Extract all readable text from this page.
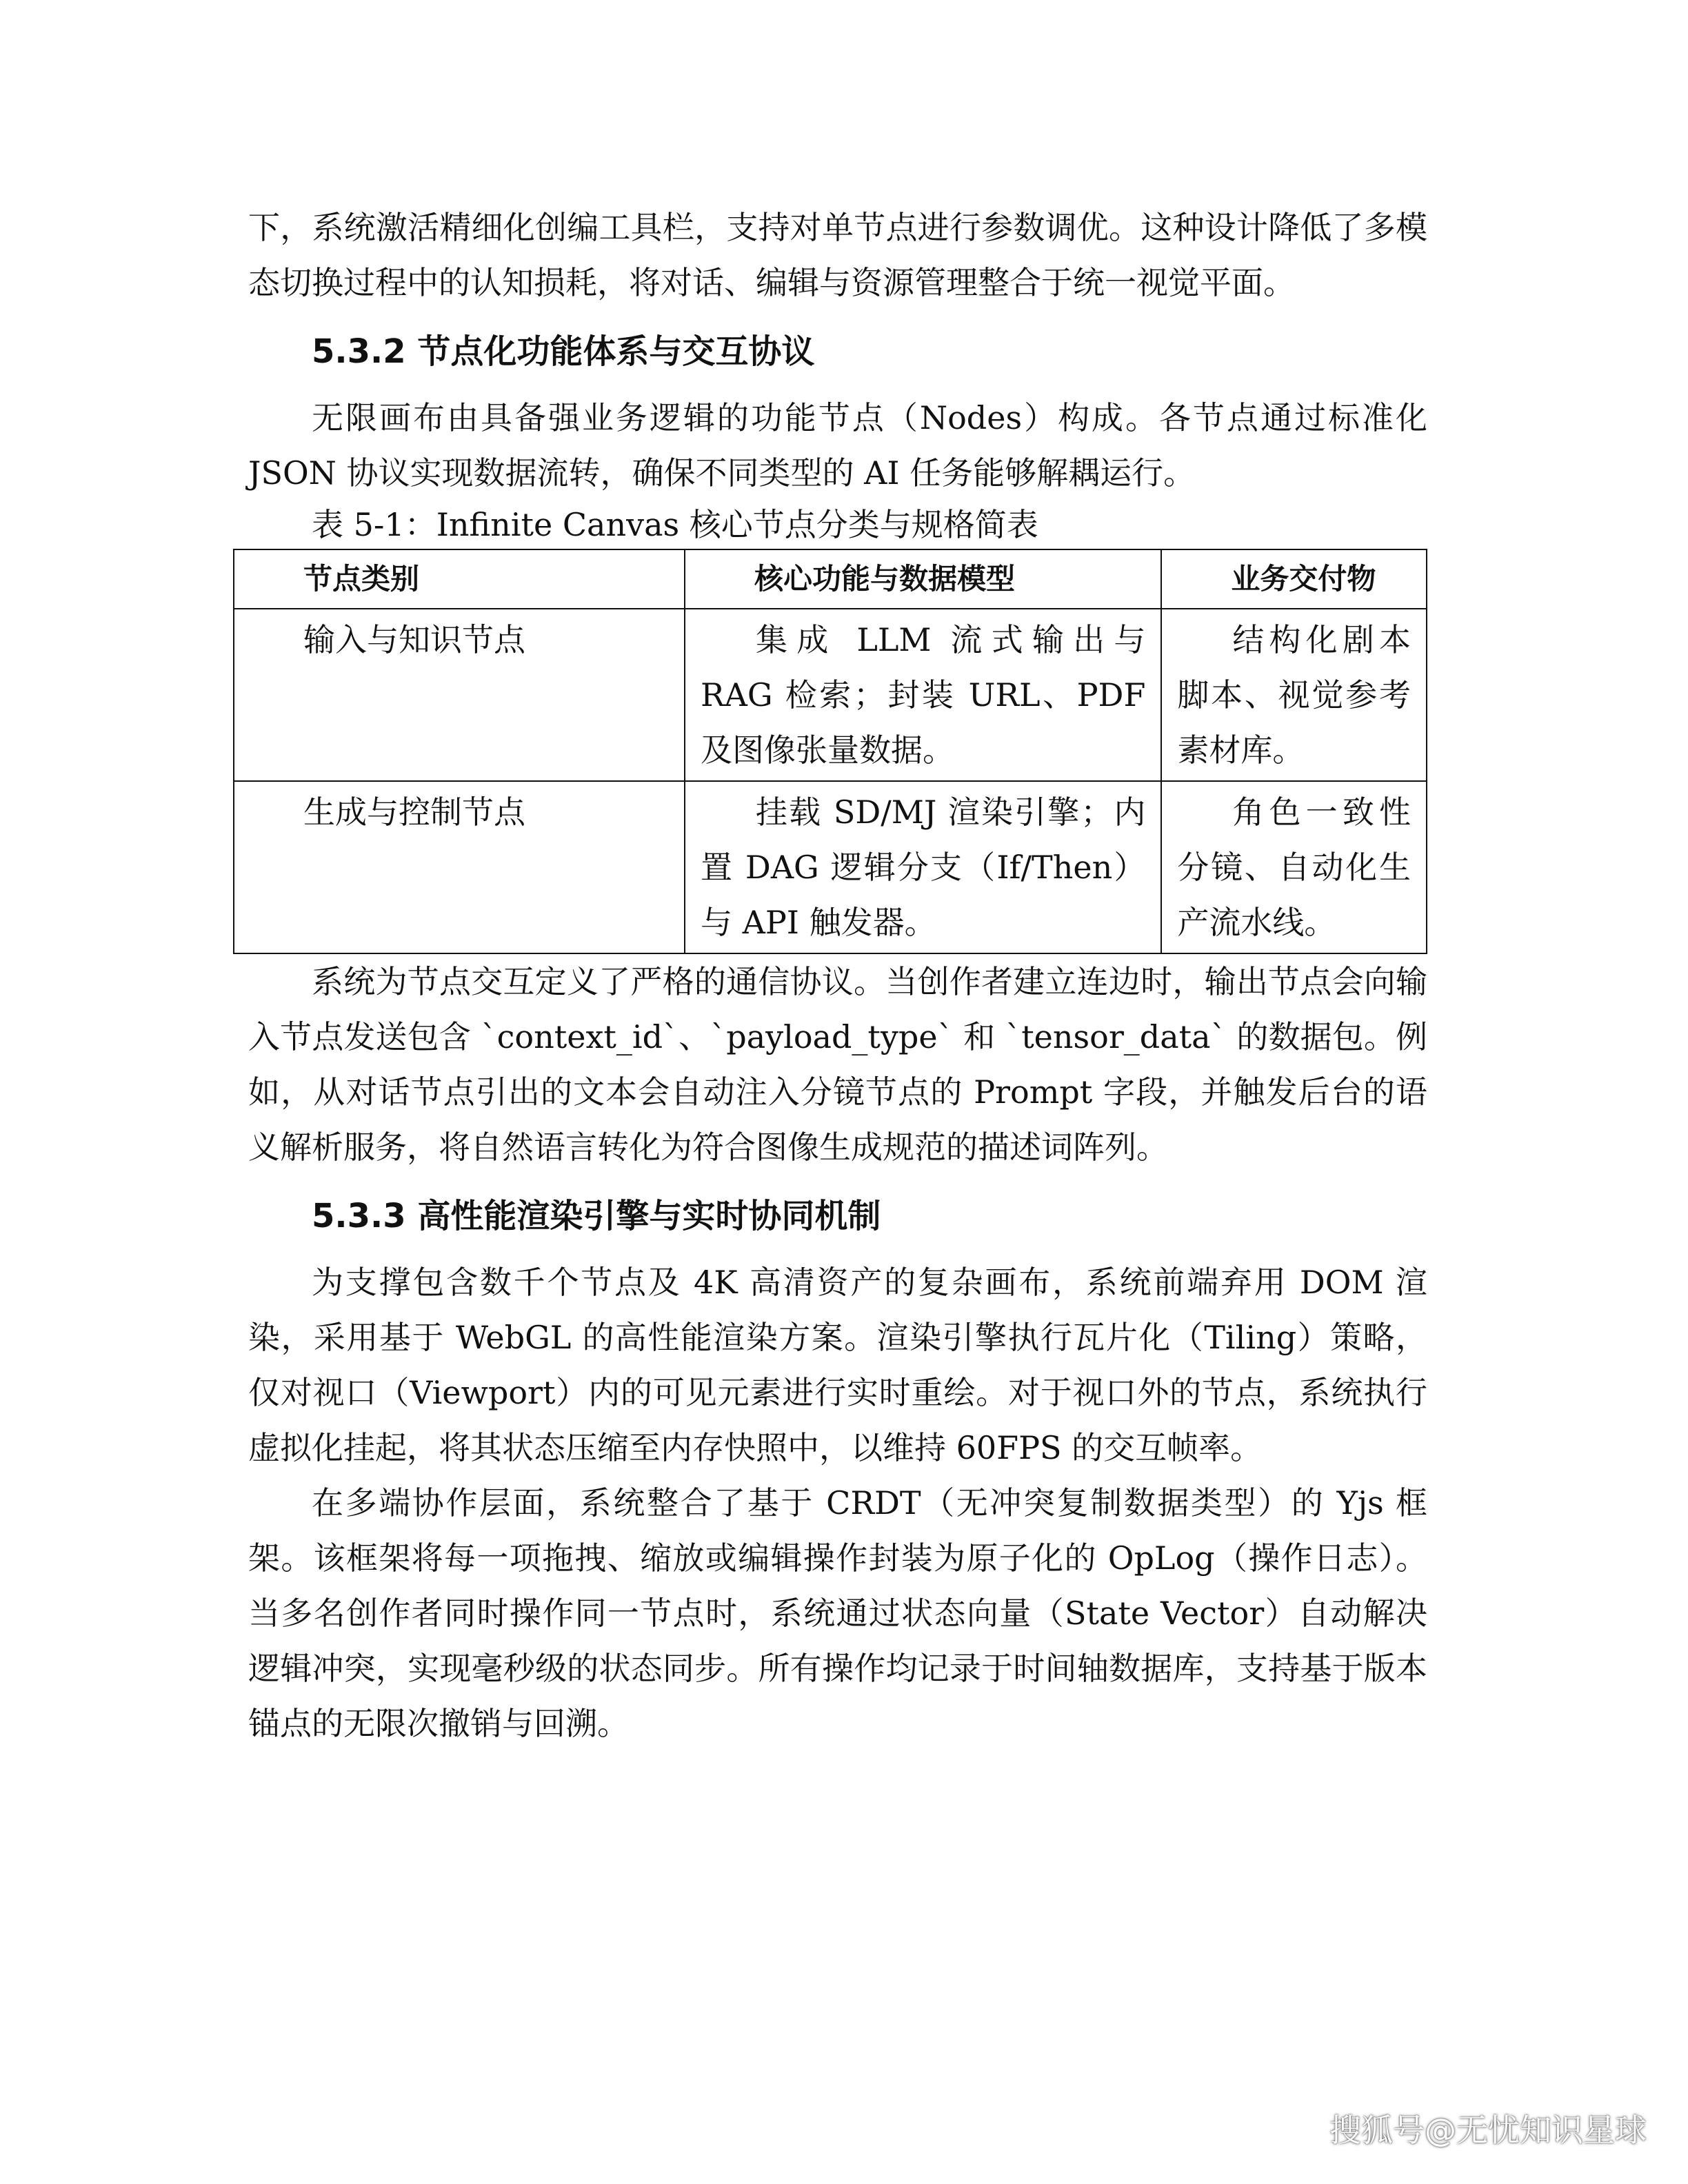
下，系统激活精细化创编工具栏，支持对单节点进行参数调优。这种设计降低了多模态切换过程中的认知损耗，将对话、编辑与资源管理整合于统一视觉平面。

5.3.2 节点化功能体系与交互协议

无限画布由具备强业务逻辑的功能节点（Nodes）构成。各节点通过标准化 JSON 协议实现数据流转，确保不同类型的 AI 任务能够解耦运行。

表 5-1：Infinite Canvas 核心节点分类与规格简表
节点类别	核心功能与数据模型	业务交付物
输入与知识节点	集成 LLM 流式输出与 RAG 检索；封装 URL、PDF 及图像张量数据。	结构化剧本脚本、视觉参考素材库。
生成与控制节点	挂载 SD/MJ 渲染引擎；内置 DAG 逻辑分支（If/Then）与 API 触发器。	角色一致性分镜、自动化生产流水线。

系统为节点交互定义了严格的通信协议。当创作者建立连边时，输出节点会向输入节点发送包含 `context_id`、`payload_type` 和 `tensor_data` 的数据包。例如，从对话节点引出的文本会自动注入分镜节点的 Prompt 字段，并触发后台的语义解析服务，将自然语言转化为符合图像生成规范的描述词阵列。

5.3.3 高性能渲染引擎与实时协同机制

为支撑包含数千个节点及 4K 高清资产的复杂画布，系统前端弃用 DOM 渲染，采用基于 WebGL 的高性能渲染方案。渲染引擎执行瓦片化（Tiling）策略，仅对视口（Viewport）内的可见元素进行实时重绘。对于视口外的节点，系统执行虚拟化挂起，将其状态压缩至内存快照中，以维持 60FPS 的交互帧率。

在多端协作层面，系统整合了基于 CRDT（无冲突复制数据类型）的 Yjs 框架。该框架将每一项拖拽、缩放或编辑操作封装为原子化的 OpLog（操作日志）。当多名创作者同时操作同一节点时，系统通过状态向量（State Vector）自动解决逻辑冲突，实现毫秒级的状态同步。所有操作均记录于时间轴数据库，支持基于版本锚点的无限次撤销与回溯。

搜狐号@无忧知识星球
